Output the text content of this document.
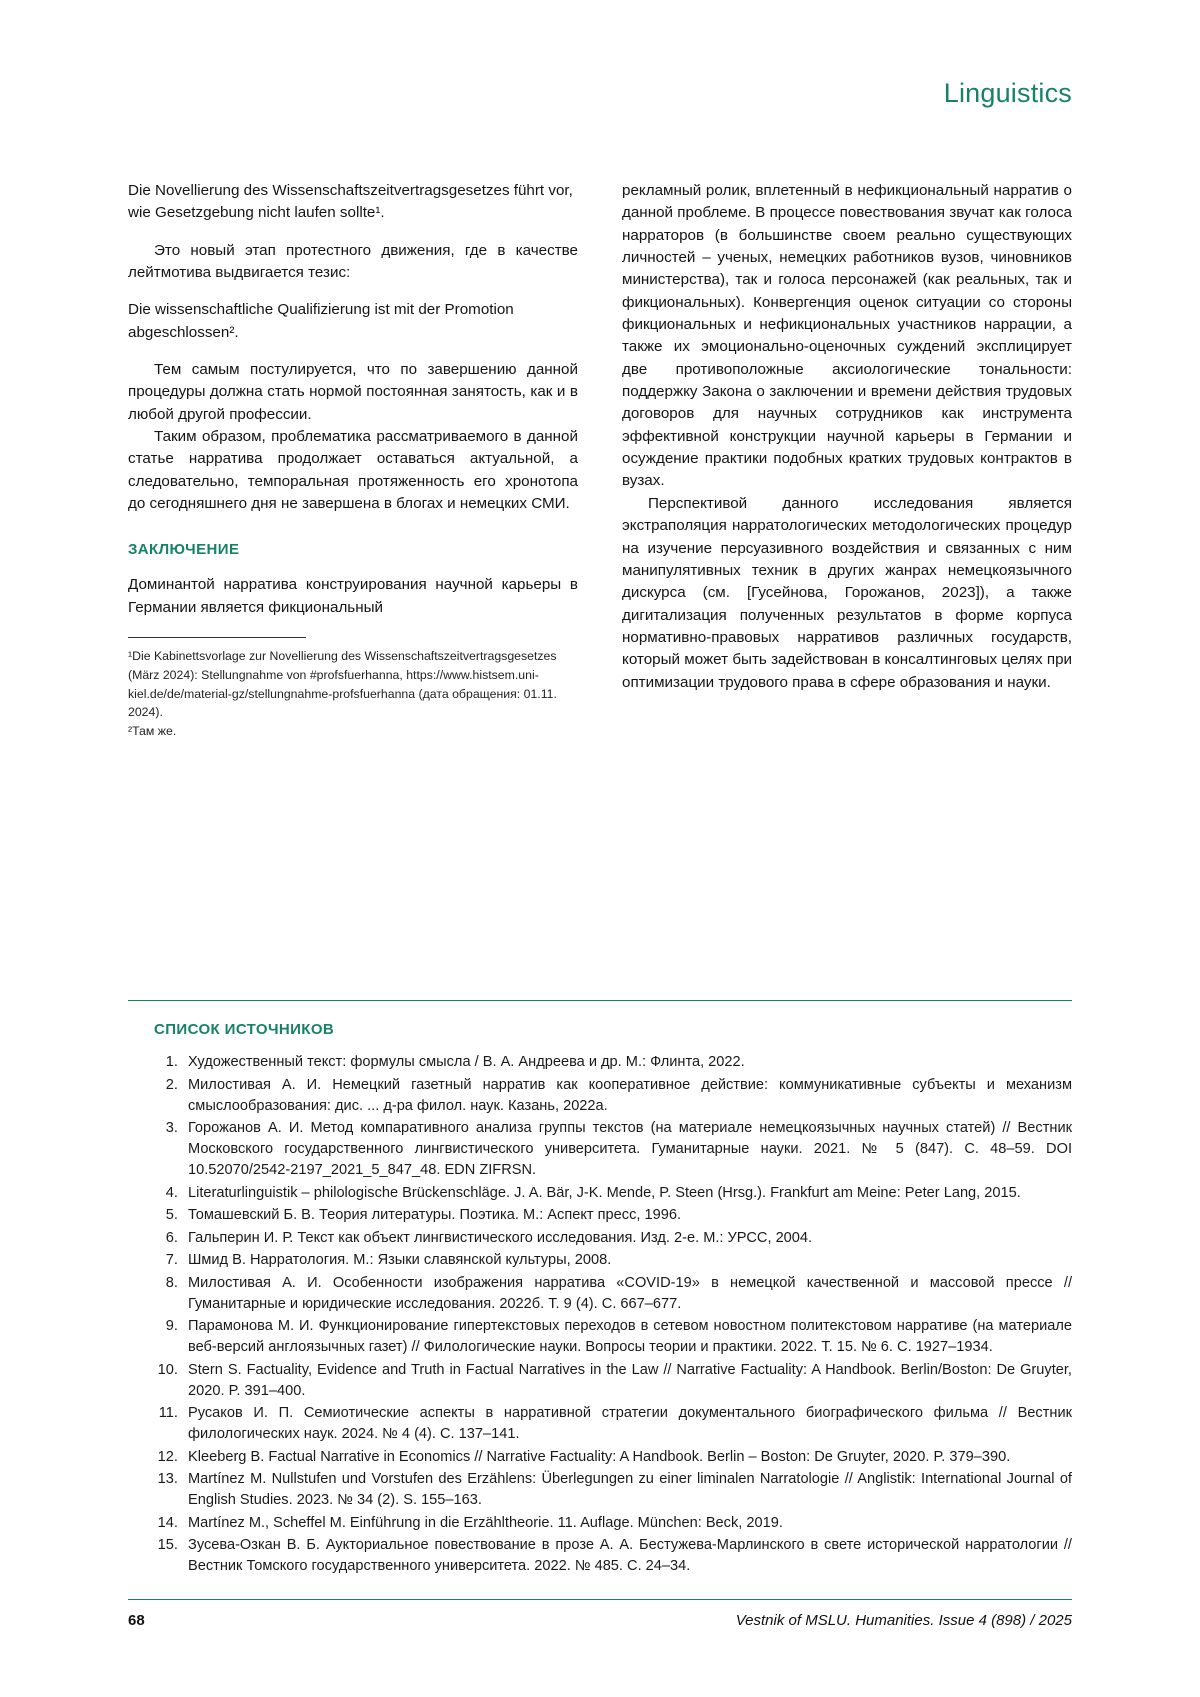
Linguistics

Die Novellierung des Wissenschaftszeitvertragsgesetzes führt vor, wie Gesetzgebung nicht laufen sollte¹.

Это новый этап протестного движения, где в качестве лейтмотива выдвигается тезис:

Die wissenschaftliche Qualifizierung ist mit der Promotion abgeschlossen².

Тем самым постулируется, что по завершению данной процедуры должна стать нормой постоянная занятость, как и в любой другой профессии.

Таким образом, проблематика рассматриваемого в данной статье нарратива продолжает оставаться актуальной, а следовательно, темпоральная протяженность его хронотопа до сегодняшнего дня не завершена в блогах и немецких СМИ.

ЗАКЛЮЧЕНИЕ

Доминантой нарратива конструирования научной карьеры в Германии является фикциональный

¹Die Kabinettsvorlage zur Novellierung des Wissenschaftszeitvertragsgesetzes (März 2024): Stellungnahme von #profsfuerhanna, https://www.histsem.uni-kiel.de/de/material-gz/stellungnahme-profsfuerhanna (дата обращения: 01.11. 2024).
²Там же.

рекламный ролик, вплетенный в нефикциональный нарратив о данной проблеме. В процессе повествования звучат как голоса нарраторов (в большинстве своем реально существующих личностей – ученых, немецких работников вузов, чиновников министерства), так и голоса персонажей (как реальных, так и фикциональных). Конвергенция оценок ситуации со стороны фикциональных и нефикциональных участников наррации, а также их эмоционально-оценочных суждений эксплицирует две противоположные аксиологические тональности: поддержку Закона о заключении и времени действия трудовых договоров для научных сотрудников как инструмента эффективной конструкции научной карьеры в Германии и осуждение практики подобных кратких трудовых контрактов в вузах.

Перспективой данного исследования является экстраполяция нарратологических методологических процедур на изучение персуазивного воздействия и связанных с ним манипулятивных техник в других жанрах немецкоязычного дискурса (см. [Гусейнова, Горожанов, 2023]), а также дигитализация полученных результатов в форме корпуса нормативно-правовых нарративов различных государств, который может быть задействован в консалтинговых целях при оптимизации трудового права в сфере образования и науки.

СПИСОК ИСТОЧНИКОВ
1. Художественный текст: формулы смысла / В. А. Андреева и др. М.: Флинта, 2022.
2. Милостивая А. И. Немецкий газетный нарратив как кооперативное действие: коммуникативные субъекты и механизм смыслообразования: дис. ... д-ра филол. наук. Казань, 2022а.
3. Горожанов А. И. Метод компаративного анализа группы текстов (на материале немецкоязычных научных статей) // Вестник Московского государственного лингвистического университета. Гуманитарные науки. 2021. № 5 (847). С. 48–59. DOI 10.52070/2542-2197_2021_5_847_48. EDN ZIFRSN.
4. Literaturlinguistik – philologische Brückenschläge. J. A. Bär, J-K. Mende, P. Steen (Hrsg.). Frankfurt am Meine: Peter Lang, 2015.
5. Томашевский Б. В. Теория литературы. Поэтика. М.: Аспект пресс, 1996.
6. Гальперин И. Р. Текст как объект лингвистического исследования. Изд. 2-е. М.: УРСС, 2004.
7. Шмид В. Нарратология. М.: Языки славянской культуры, 2008.
8. Милостивая А. И. Особенности изображения нарратива «COVID-19» в немецкой качественной и массовой прессе // Гуманитарные и юридические исследования. 2022б. Т. 9 (4). С. 667–677.
9. Парамонова М. И. Функционирование гипертекстовых переходов в сетевом новостном политекстовом нарративе (на материале веб-версий англоязычных газет) // Филологические науки. Вопросы теории и практики. 2022. Т. 15. № 6. С. 1927–1934.
10. Stern S. Factuality, Evidence and Truth in Factual Narratives in the Law // Narrative Factuality: A Handbook. Berlin/Boston: De Gruyter, 2020. P. 391–400.
11. Русаков И. П. Семиотические аспекты в нарративной стратегии документального биографического фильма // Вестник филологических наук. 2024. № 4 (4). С. 137–141.
12. Kleeberg B. Factual Narrative in Economics // Narrative Factuality: A Handbook. Berlin – Boston: De Gruyter, 2020. P. 379–390.
13. Martínez M. Nullstufen und Vorstufen des Erzählens: Überlegungen zu einer liminalen Narratologie // Anglistik: International Journal of English Studies. 2023. № 34 (2). S. 155–163.
14. Martínez M., Scheffel M. Einführung in die Erzähltheorie. 11. Auflage. München: Beck, 2019.
15. Зусева-Озкан В. Б. Аукториальное повествование в прозе А. А. Бестужева-Марлинского в свете исторической нарратологии // Вестник Томского государственного университета. 2022. № 485. С. 24–34.
68	Vestnik of MSLU. Humanities. Issue 4 (898) / 2025
